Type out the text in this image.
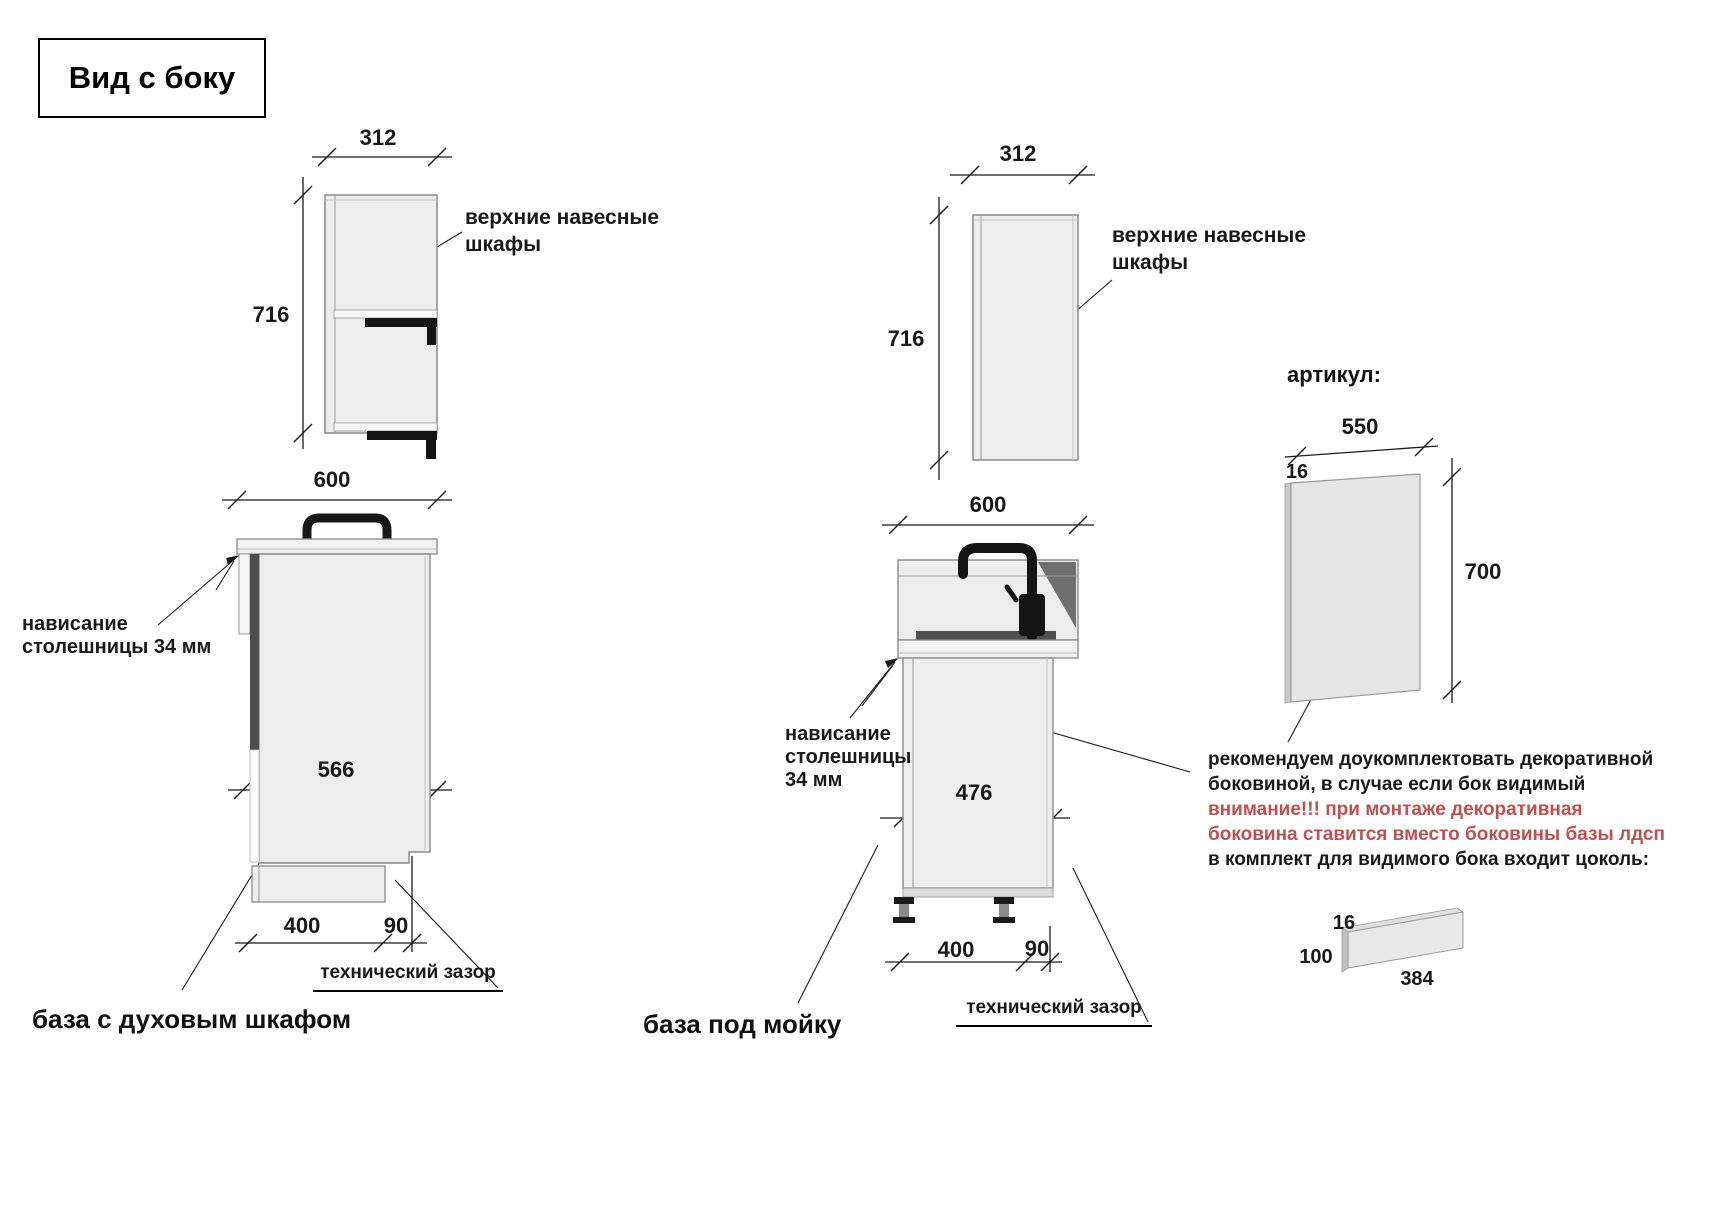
Вид с боку
312
716
верхние навесные
шкафы
312
716
верхние навесные
шкафы
600
566
400	90
нависание
столешницы 34 мм
технический зазор
база с духовым шкафом
600
476
400 90
нависание
столешницы
34 мм
технический зазор
база под мойку
артикул:
550
16
700
рекомендуем доукомплектовать декоративной
боковиной, в случае если бок видимый
внимание!!! при монтаже декоративная
боковина ставится вместо боковины базы лдсп
в комплект для видимого бока входит цоколь:
16
100
384
